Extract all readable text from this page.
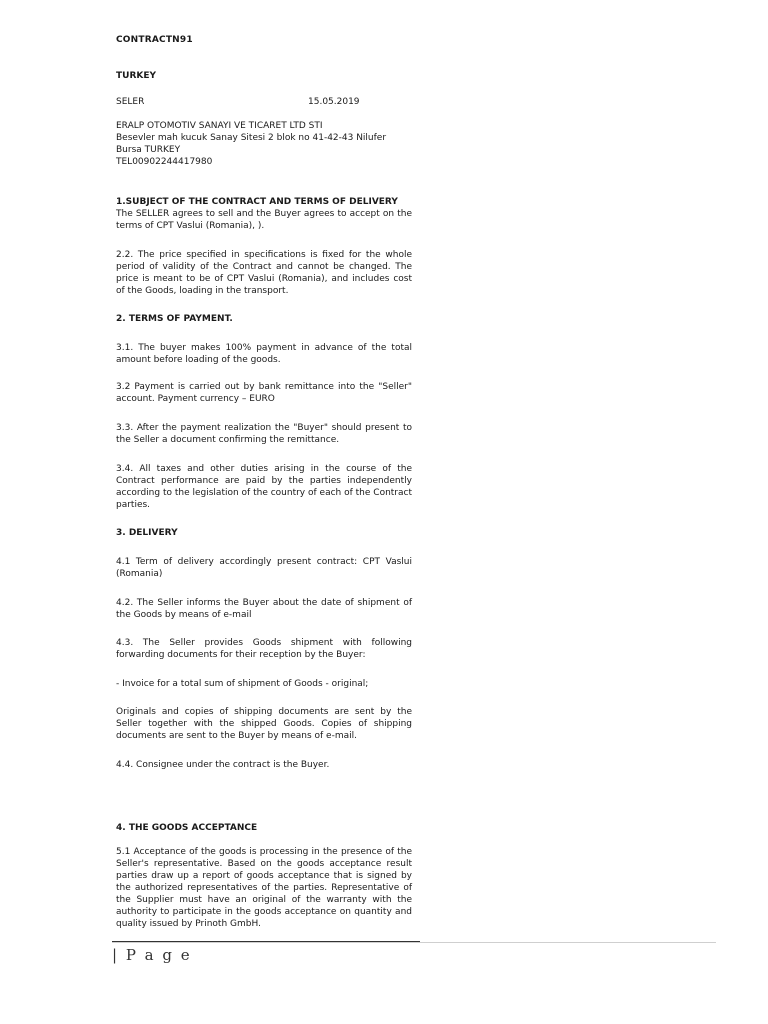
CONTRACTN91
TURKEY
SELER	15.05.2019
ERALP OTOMOTIV SANAYI VE TICARET LTD STI
Besevler mah kucuk Sanay Sitesi 2 blok no 41-42-43 Nilufer
Bursa TURKEY
TEL00902244417980
1.SUBJECT OF THE CONTRACT AND TERMS OF DELIVERY
The SELLER agrees to sell and the Buyer agrees to accept on the terms of CPT Vaslui (Romania), ).
2.2. The price specified in specifications is fixed for the whole period of validity of the Contract and cannot be changed. The price is meant to be of CPT Vaslui (Romania), and includes cost of the Goods, loading in the transport.
2. TERMS OF PAYMENT.
3.1. The buyer makes 100% payment in advance of the total amount before loading of the goods.
3.2 Payment is carried out by bank remittance into the "Seller" account. Payment currency – EURO
3.3. After the payment realization the "Buyer" should present to the Seller a document confirming the remittance.
3.4. All taxes and other duties arising in the course of the Contract performance are paid by the parties independently according to the legislation of the country of each of the Contract parties.
3. DELIVERY
4.1 Term of delivery accordingly present contract: CPT Vaslui (Romania)
4.2. The Seller informs the Buyer about the date of shipment of the Goods by means of e-mail
4.3. The Seller provides Goods shipment with following forwarding documents for their reception by the Buyer:
- Invoice for a total sum of shipment of Goods - original;
Originals and copies of shipping documents are sent by the Seller together with the shipped Goods. Copies of shipping documents are sent to the Buyer by means of e-mail.
4.4. Consignee under the contract is the Buyer.
4. THE GOODS ACCEPTANCE
5.1 Acceptance of the goods is processing in the presence of the Seller's representative. Based on the goods acceptance result parties draw up a report of goods acceptance that is signed by the authorized representatives of the parties. Representative of the Supplier must have an original of the warranty with the authority to participate in the goods acceptance on quantity and quality issued by Prinoth GmbH.
| P a g e
